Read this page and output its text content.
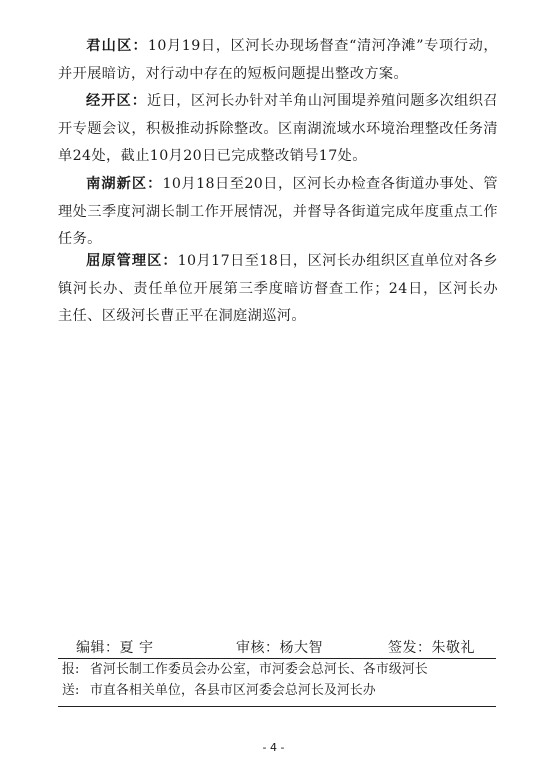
君山区：10月19日，区河长办现场督查“清河净滩”专项行动，并开展暗访，对行动中存在的短板问题提出整改方案。
经开区：近日，区河长办针对羊角山河围堤养殖问题多次组织召开专题会议，积极推动拆除整改。区南湖流域水环境治理整改任务清单24处，截止10月20日已完成整改销号17处。
南湖新区：10月18日至20日，区河长办检查各街道办事处、管理处三季度河湖长制工作开展情况，并督导各街道完成年度重点工作任务。
屈原管理区：10月17日至18日，区河长办组织区直单位对各乡镇河长办、责任单位开展第三季度暗访督查工作；24日，区河长办主任、区级河长曹正平在洞庭湖巡河。
编辑：夏 宇	审核：杨大智	签发：朱敬礼
报: 省河长制工作委员会办公室，市河委会总河长、各市级河长
送: 市直各相关单位，各县市区河委会总河长及河长办
- 4 -
